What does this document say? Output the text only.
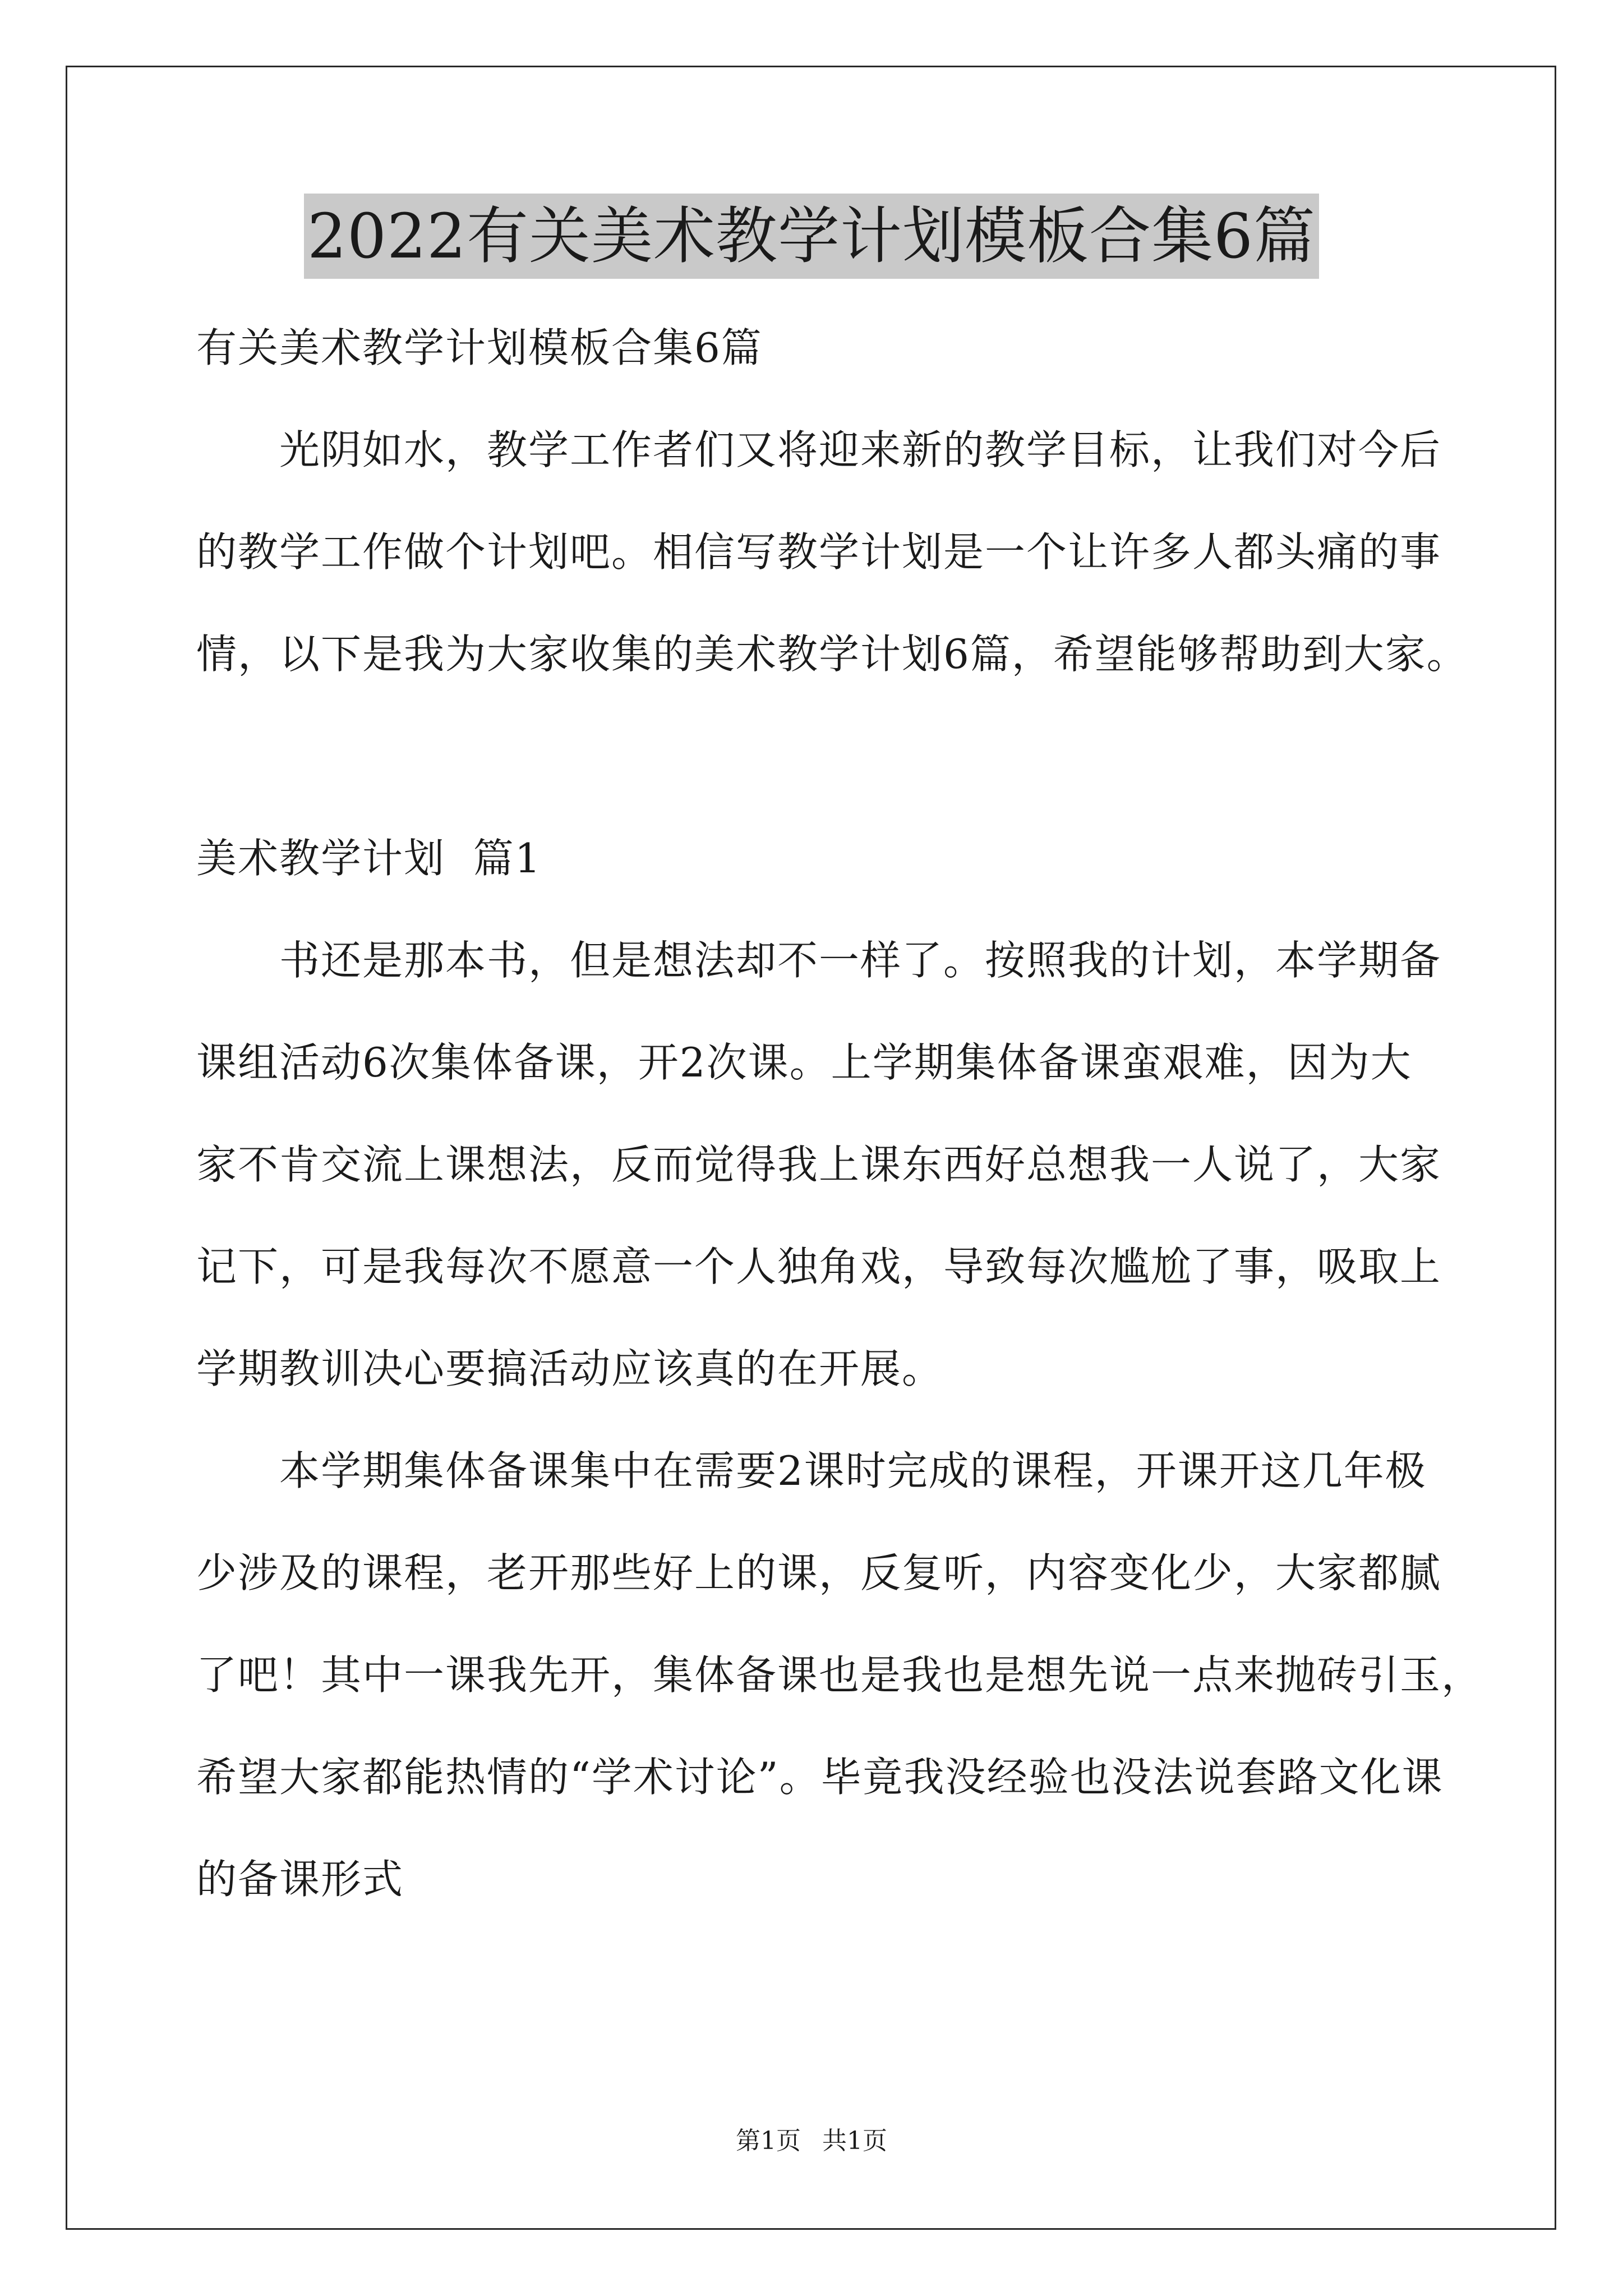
2022有关美术教学计划模板合集6篇
有关美术教学计划模板合集6篇
光阴如水，教学工作者们又将迎来新的教学目标，让我们对今后
的教学工作做个计划吧。相信写教学计划是一个让许多人都头痛的事
情，以下是我为大家收集的美术教学计划6篇，希望能够帮助到大家。
美术教学计划  篇1
书还是那本书，但是想法却不一样了。按照我的计划，本学期备
课组活动6次集体备课，开2次课。上学期集体备课蛮艰难，因为大
家不肯交流上课想法，反而觉得我上课东西好总想我一人说了，大家
记下，可是我每次不愿意一个人独角戏，导致每次尴尬了事，吸取上
学期教训决心要搞活动应该真的在开展。
本学期集体备课集中在需要2课时完成的课程，开课开这几年极
少涉及的课程，老开那些好上的课，反复听，内容变化少，大家都腻
了吧！其中一课我先开，集体备课也是我也是想先说一点来抛砖引玉，
希望大家都能热情的“学术讨论”。毕竟我没经验也没法说套路文化课
的备课形式
第1页 共1页
